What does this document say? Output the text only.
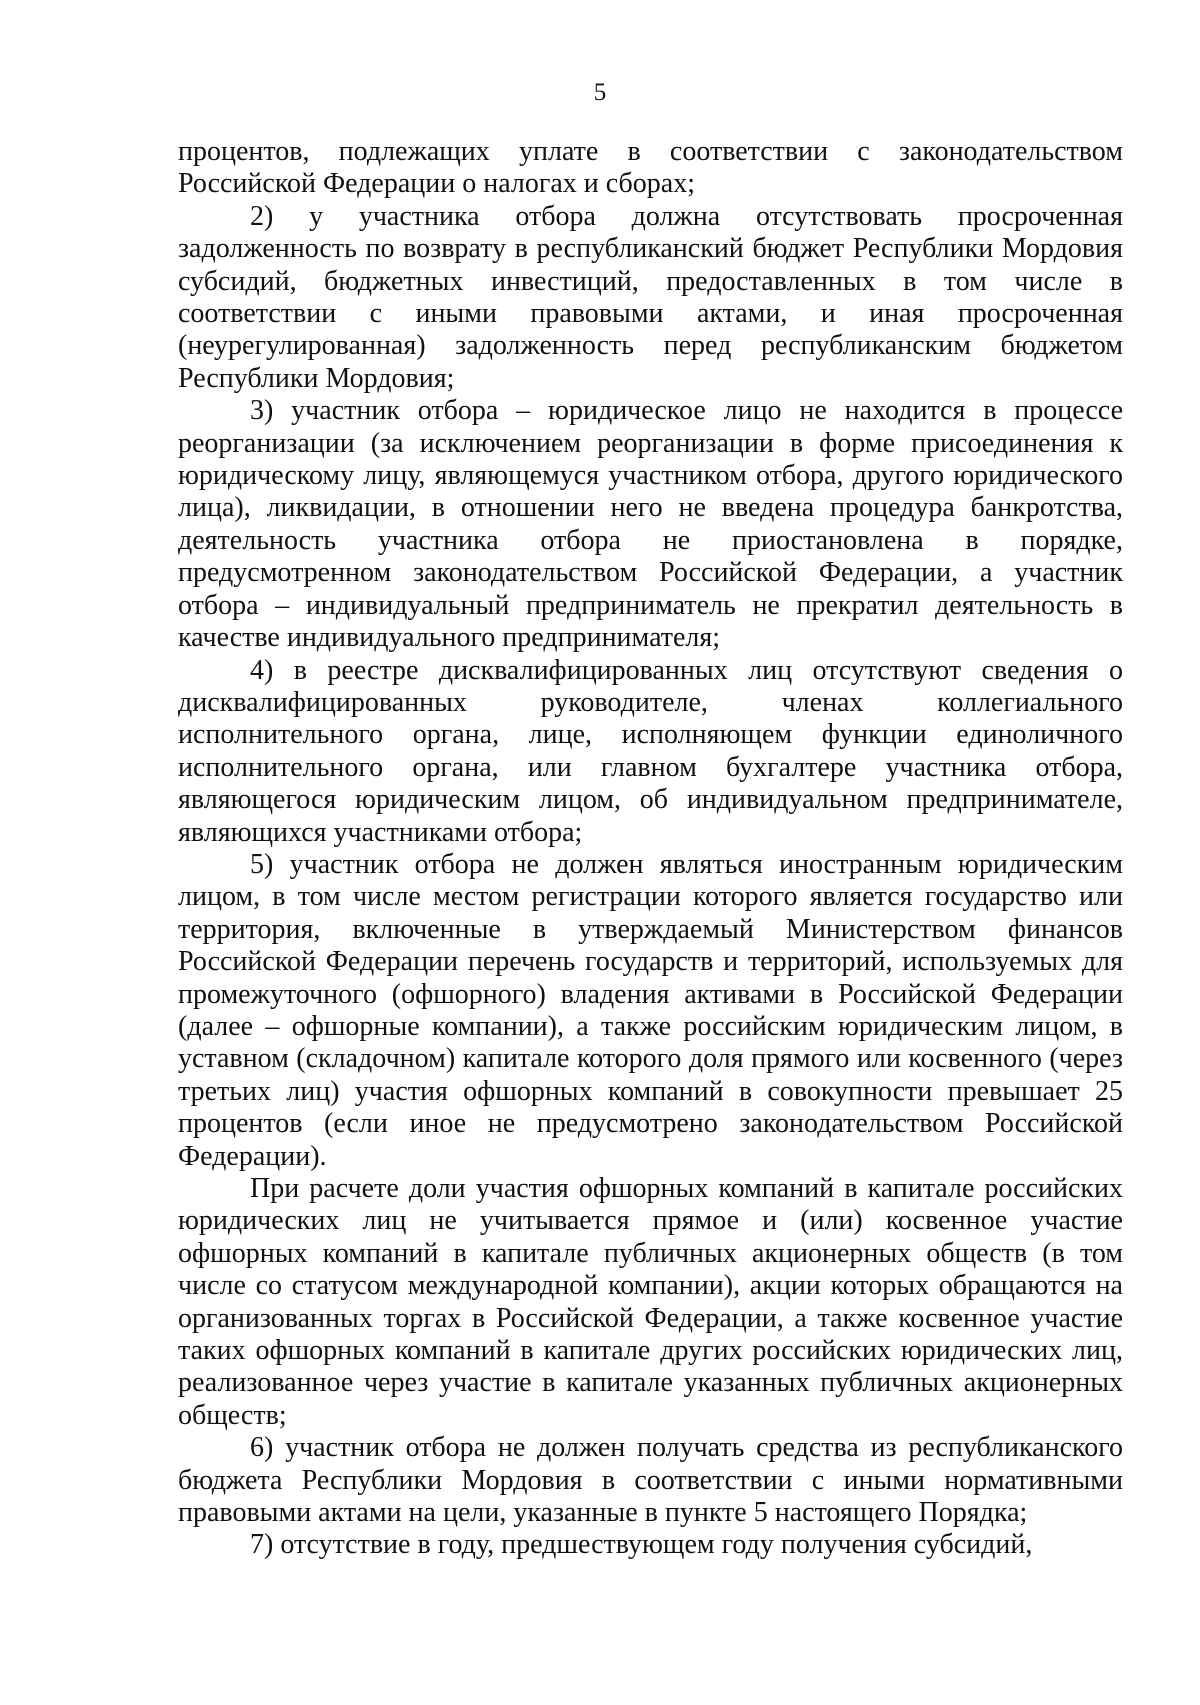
5

процентов, подлежащих уплате в соответствии с законодательством Российской Федерации о налогах и сборах;

2) у участника отбора должна отсутствовать просроченная задолженность по возврату в республиканский бюджет Республики Мордовия субсидий, бюджетных инвестиций, предоставленных в том числе в соответствии с иными правовыми актами, и иная просроченная (неурегулированная) задолженность перед республиканским бюджетом Республики Мордовия;

3) участник отбора – юридическое лицо не находится в процессе реорганизации (за исключением реорганизации в форме присоединения к юридическому лицу, являющемуся участником отбора, другого юридического лица), ликвидации, в отношении него не введена процедура банкротства, деятельность участника отбора не приостановлена в порядке, предусмотренном законодательством Российской Федерации, а участник отбора – индивидуальный предприниматель не прекратил деятельность в качестве индивидуального предпринимателя;

4) в реестре дисквалифицированных лиц отсутствуют сведения о дисквалифицированных руководителе, членах коллегиального исполнительного органа, лице, исполняющем функции единоличного исполнительного органа, или главном бухгалтере участника отбора, являющегося юридическим лицом, об индивидуальном предпринимателе, являющихся участниками отбора;

5) участник отбора не должен являться иностранным юридическим лицом, в том числе местом регистрации которого является государство или территория, включенные в утверждаемый Министерством финансов Российской Федерации перечень государств и территорий, используемых для промежуточного (офшорного) владения активами в Российской Федерации (далее – офшорные компании), а также российским юридическим лицом, в уставном (складочном) капитале которого доля прямого или косвенного (через третьих лиц) участия офшорных компаний в совокупности превышает 25 процентов (если иное не предусмотрено законодательством Российской Федерации).

При расчете доли участия офшорных компаний в капитале российских юридических лиц не учитывается прямое и (или) косвенное участие офшорных компаний в капитале публичных акционерных обществ (в том числе со статусом международной компании), акции которых обращаются на организованных торгах в Российской Федерации, а также косвенное участие таких офшорных компаний в капитале других российских юридических лиц, реализованное через участие в капитале указанных публичных акционерных обществ;

6) участник отбора не должен получать средства из республиканского бюджета Республики Мордовия в соответствии с иными нормативными правовыми актами на цели, указанные в пункте 5 настоящего Порядка;

7) отсутствие в году, предшествующем году получения субсидий,
